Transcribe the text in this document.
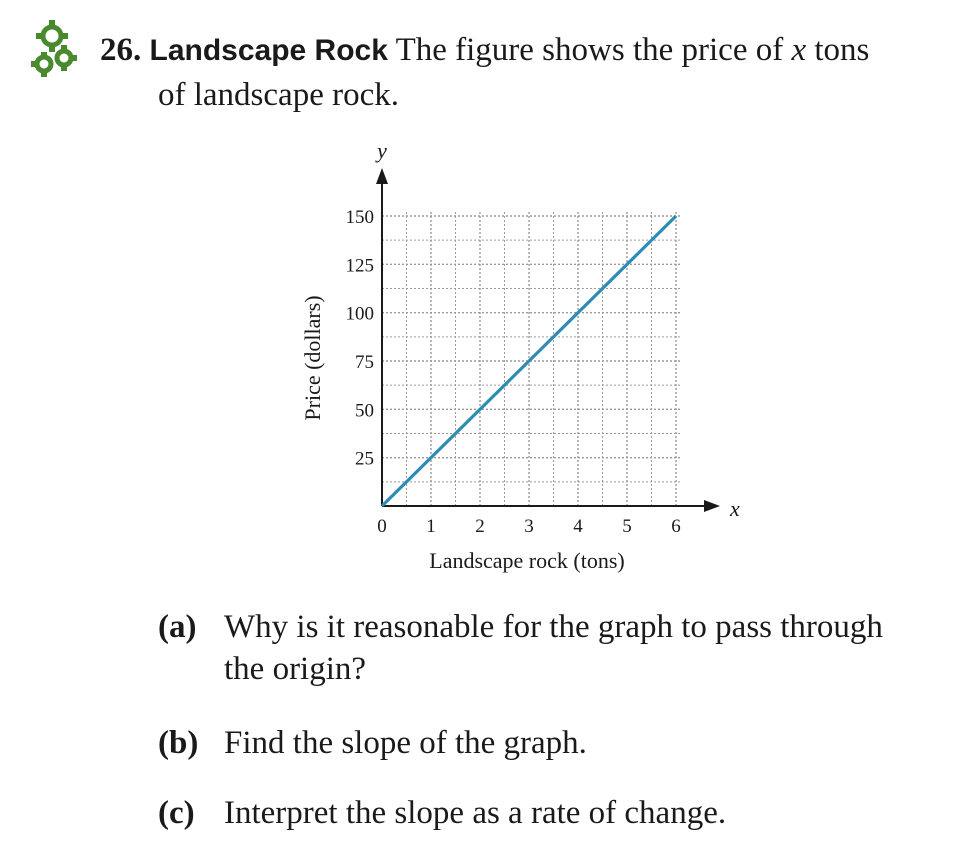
26. Landscape Rock The figure shows the price of x tons
of landscape rock.
0 1 2 3 4 5 6
25
50
75
100
125
150
Price (dollars)
Landscape rock (tons)
y
x
(a) Why is it reasonable for the graph to pass through
the origin?
(b) Find the slope of the graph.
(c) Interpret the slope as a rate of change.
